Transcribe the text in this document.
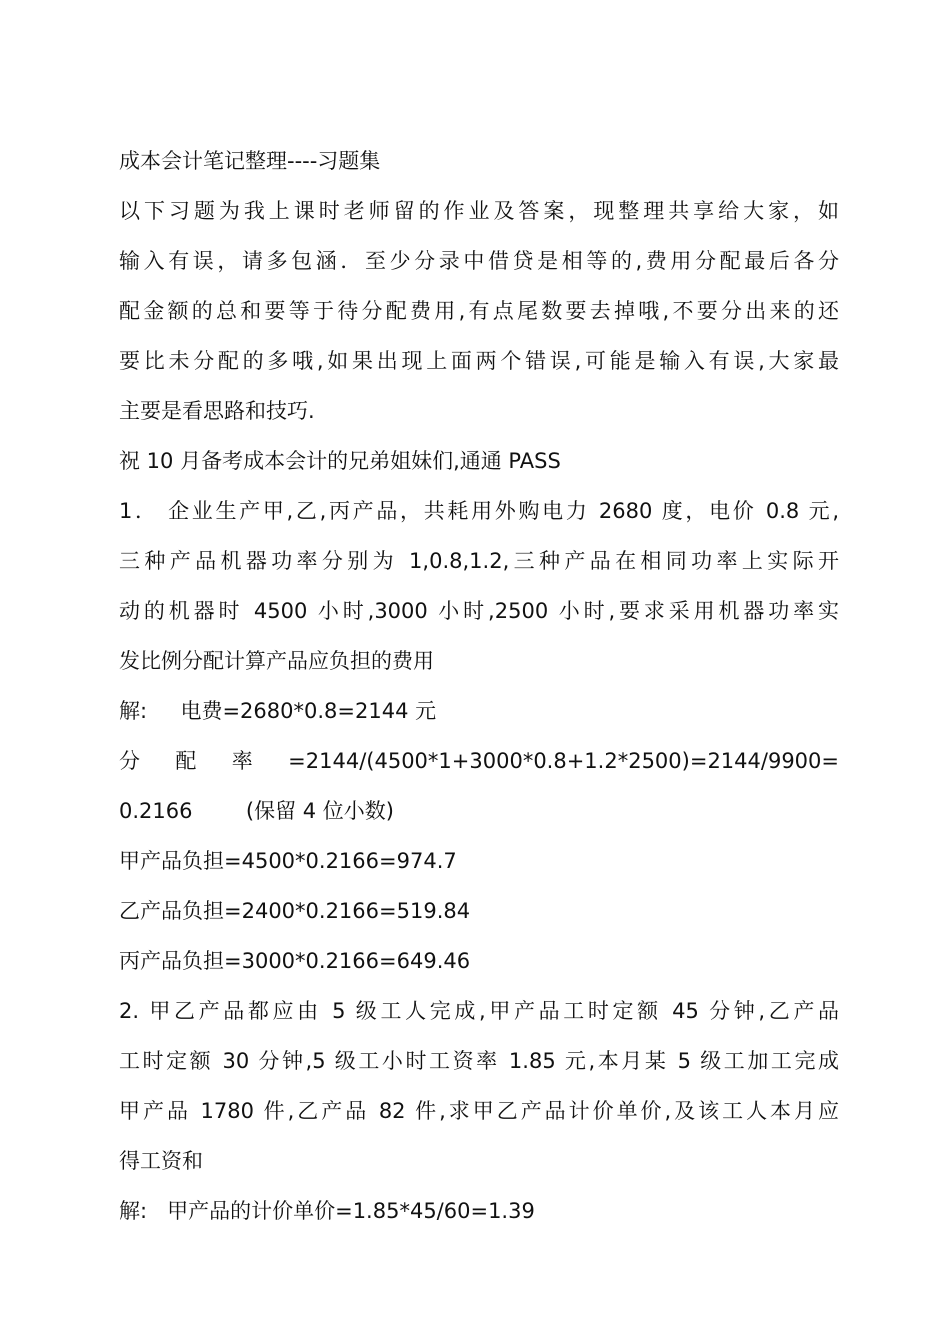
成本会计笔记整理----习题集
以下习题为我上课时老师留的作业及答案，现整理共享给大家，如
输入有误，请多包涵．至少分录中借贷是相等的,费用分配最后各分
配金额的总和要等于待分配费用,有点尾数要去掉哦,不要分出来的还
要比未分配的多哦,如果出现上面两个错误,可能是输入有误,大家最
主要是看思路和技巧.
祝 10 月备考成本会计的兄弟姐妹们,通通 PASS
1． 企业生产甲,乙,丙产品，共耗用外购电力 2680 度，电价 0.8 元,
三种产品机器功率分别为 1,0.8,1.2,三种产品在相同功率上实际开
动的机器时 4500 小时,3000 小时,2500 小时,要求采用机器功率实
发比例分配计算产品应负担的费用
解:     电费=2680*0.8=2144 元
分 配 率 =2144/(4500*1+3000*0.8+1.2*2500)=2144/9900=
0.2166        (保留 4 位小数)
甲产品负担=4500*0.2166=974.7
乙产品负担=2400*0.2166=519.84
丙产品负担=3000*0.2166=649.46
2. 甲乙产品都应由 5 级工人完成,甲产品工时定额 45 分钟,乙产品
工时定额 30 分钟,5 级工小时工资率 1.85 元,本月某 5 级工加工完成
甲产品 1780 件,乙产品 82 件,求甲乙产品计价单价,及该工人本月应
得工资和
解:   甲产品的计价单价=1.85*45/60=1.39
